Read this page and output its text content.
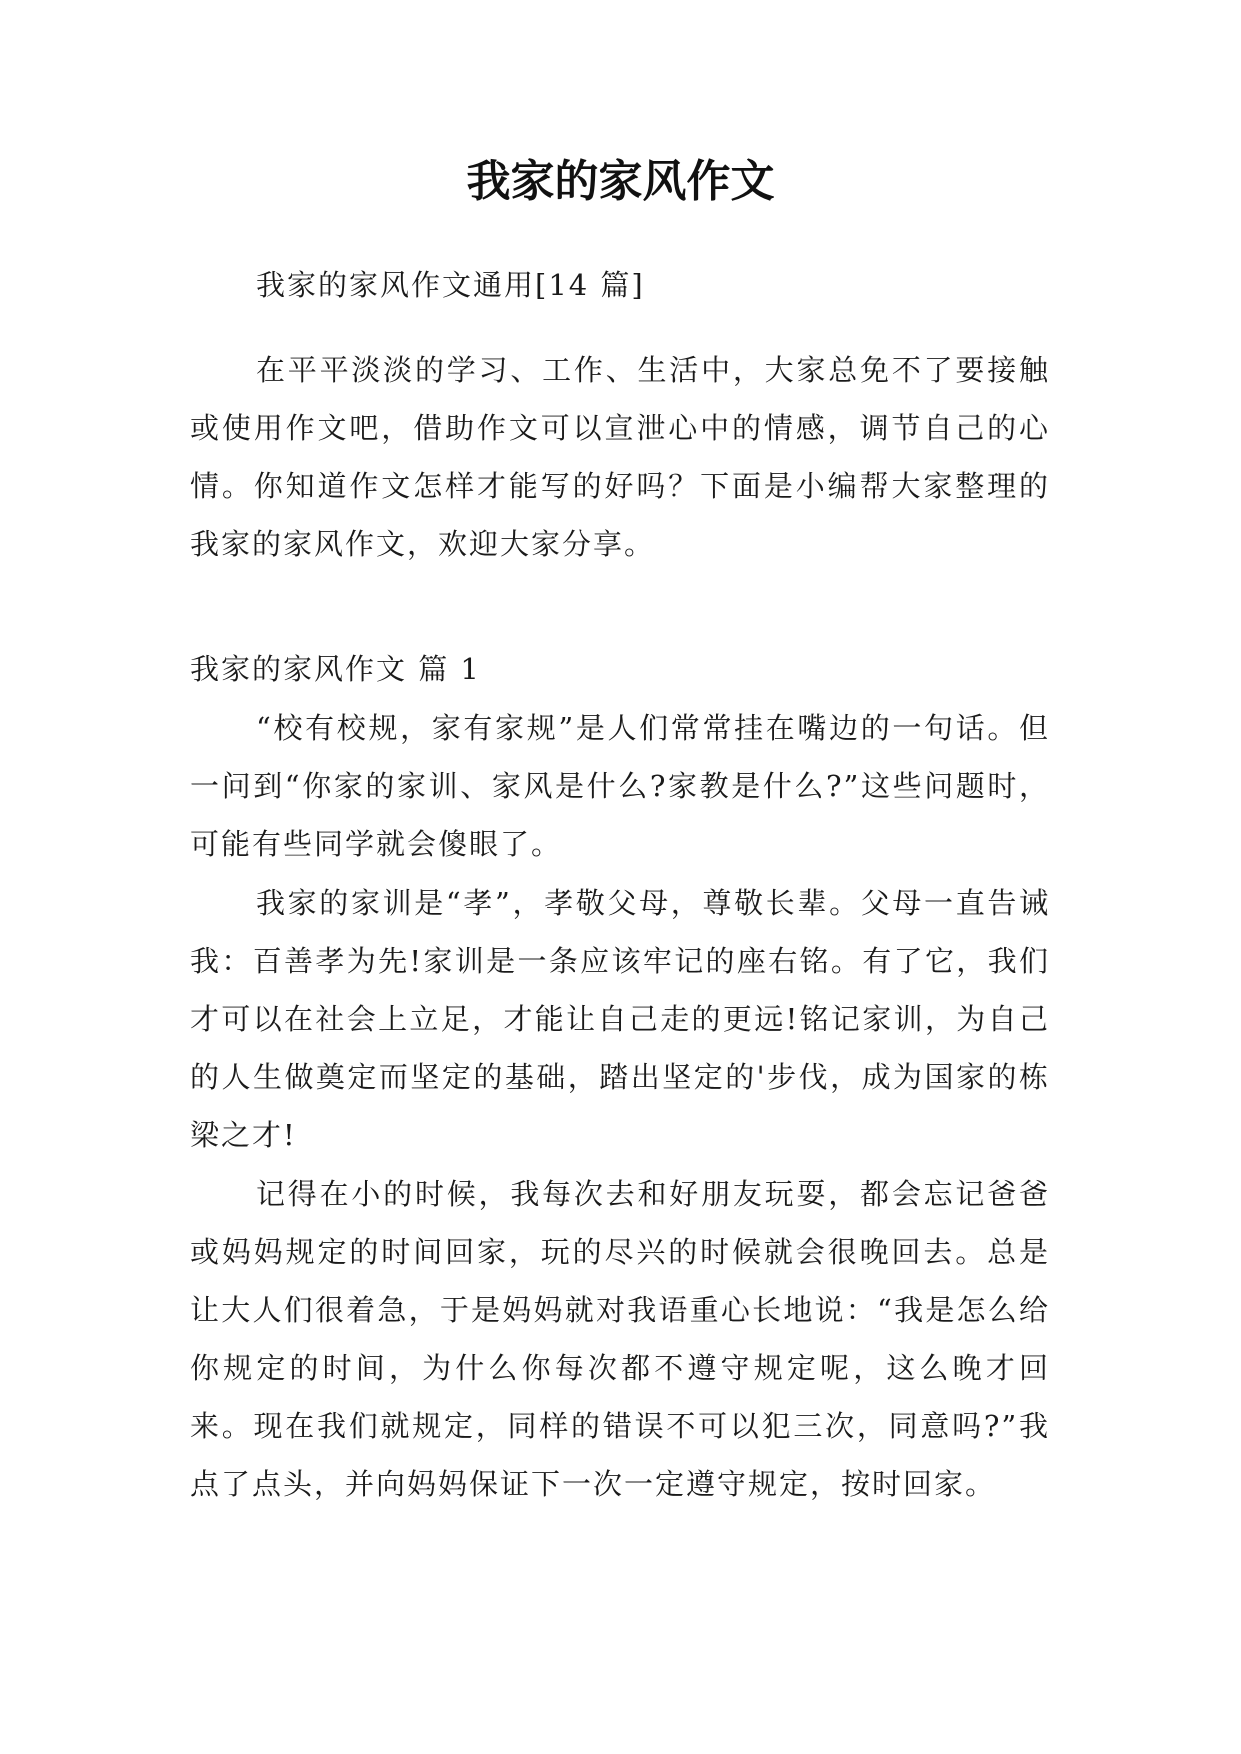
我家的家风作文

我家的家风作文通用[14 篇]

在平平淡淡的学习、工作、生活中，大家总免不了要接触或使用作文吧，借助作文可以宣泄心中的情感，调节自己的心情。你知道作文怎样才能写的好吗？下面是小编帮大家整理的我家的家风作文，欢迎大家分享。

我家的家风作文 篇 1

“校有校规，家有家规”是人们常常挂在嘴边的一句话。但一问到“你家的家训、家风是什么?家教是什么?”这些问题时，可能有些同学就会傻眼了。

我家的家训是“孝”，孝敬父母，尊敬长辈。父母一直告诫我：百善孝为先!家训是一条应该牢记的座右铭。有了它，我们才可以在社会上立足，才能让自己走的更远!铭记家训，为自己的人生做奠定而坚定的基础，踏出坚定的'步伐，成为国家的栋梁之才!

记得在小的时候，我每次去和好朋友玩耍，都会忘记爸爸或妈妈规定的时间回家，玩的尽兴的时候就会很晚回去。总是让大人们很着急，于是妈妈就对我语重心长地说：“我是怎么给你规定的时间，为什么你每次都不遵守规定呢，这么晚才回来。现在我们就规定，同样的错误不可以犯三次，同意吗?”我点了点头，并向妈妈保证下一次一定遵守规定，按时回家。
